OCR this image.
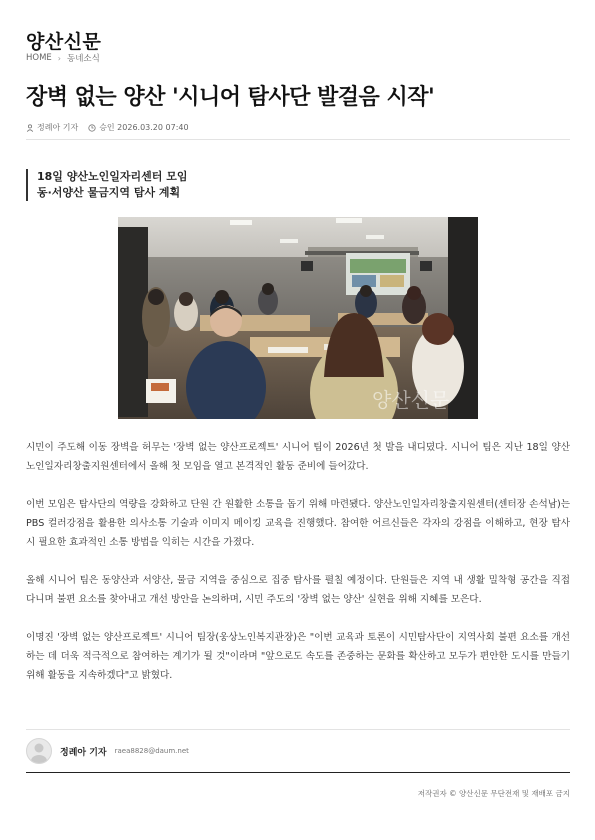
양산신문
HOME › 동네소식
장벽 없는 양산 '시니어 탐사단 발걸음 시작'
정례아 기자	승인 2026.03.20 07:40
18일 양산노인일자리센터 모임
동·서양산 물금지역 탐사 계획
양산신문

시민이 주도해 이동 장벽을 허무는 '장벽 없는 양산프로젝트' 시니어 팀이 2026년 첫 발을 내디뎠다. 시니어 팀은 지난 18일 양산노인일자리창출지원센터에서 올해 첫 모임을 열고 본격적인 활동 준비에 들어갔다.

이번 모임은 탐사단의 역량을 강화하고 단원 간 원활한 소통을 돕기 위해 마련됐다. 양산노인일자리창출지원센터(센터장 손석남)는 PBS 컬러강점을 활용한 의사소통 기술과 이미지 메이킹 교육을 진행했다. 참여한 어르신들은 각자의 강점을 이해하고, 현장 탐사 시 필요한 효과적인 소통 방법을 익히는 시간을 가졌다.

올해 시니어 팀은 동양산과 서양산, 물금 지역을 중심으로 집중 탐사를 펼칠 예정이다. 단원들은 지역 내 생활 밀착형 공간을 직접 다니며 불편 요소를 찾아내고 개선 방안을 논의하며, 시민 주도의 '장벽 없는 양산' 실현을 위해 지혜를 모은다.

이명진 '장벽 없는 양산프로젝트' 시니어 팀장(웅상노인복지관장)은 "이번 교육과 토론이 시민탐사단이 지역사회 불편 요소를 개선하는 데 더욱 적극적으로 참여하는 계기가 될 것"이라며 "앞으로도 속도를 존중하는 문화를 확산하고 모두가 편안한 도시를 만들기 위해 활동을 지속하겠다"고 밝혔다.

정례아 기자 raea8828@daum.net
저작권자 © 양산신문 무단전재 및 재배포 금지
